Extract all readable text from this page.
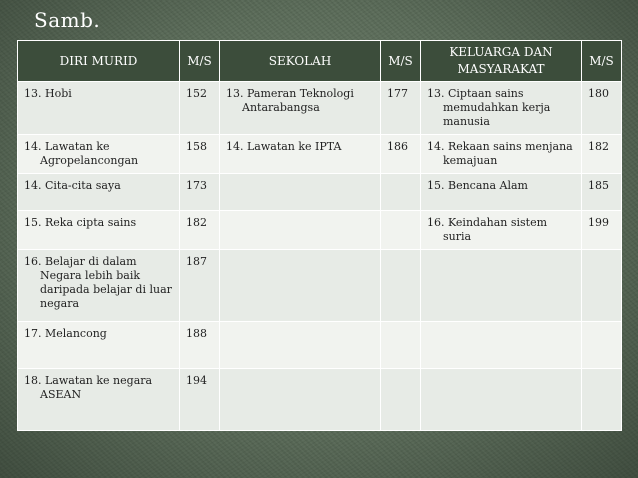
Samb.
DIRI MURID	M/S	SEKOLAH	M/S	KELUARGA DAN MASYARAKAT	M/S

13. Hobi	152	13. Pameran Teknologi Antarabangsa	177	13. Ciptaan sains memudahkan kerja manusia	180

14. Lawatan ke Agropelancongan	158	14. Lawatan ke IPTA	186	14. Rekaan sains menjana kemajuan	182

14. Cita-cita saya	173			15. Bencana Alam	185

15. Reka cipta sains	182			16. Keindahan sistem suria	199

16. Belajar di dalam Negara lebih baik daripada belajar di luar negara	187	

17. Melancong	188	

18. Lawatan ke negara ASEAN	194	
